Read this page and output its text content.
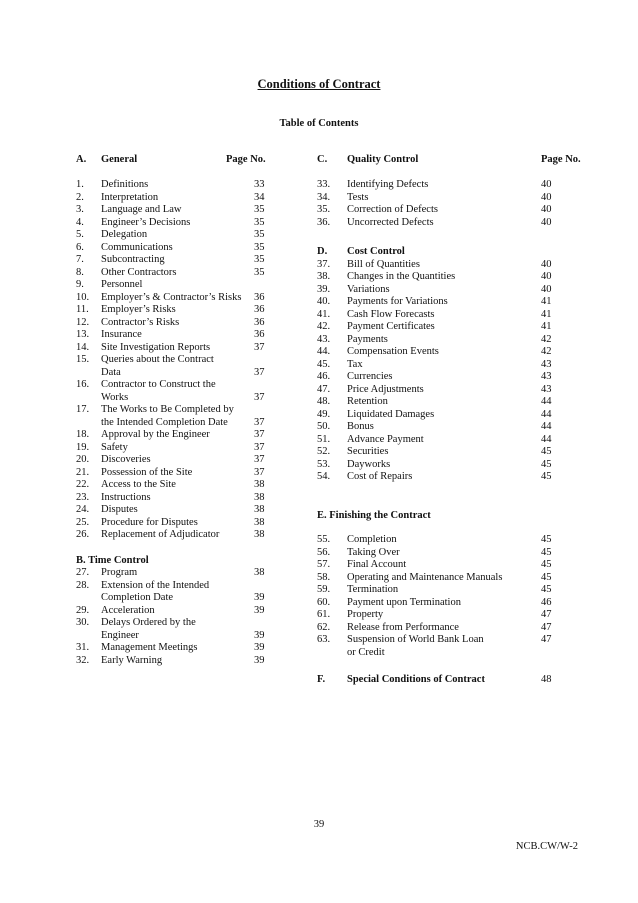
Conditions of Contract
Table of Contents
A.	General	Page No.
1.	Definitions	33
2.	Interpretation	34
3.	Language and Law	35
4.	Engineer’s Decisions	35
5.	Delegation	35
6.	Communications	35
7.	Subcontracting	35
8.	Other Contractors	35
9.	Personnel
10.	Employer’s & Contractor’s Risks	36
11.	Employer’s Risks	36
12.	Contractor’s Risks	36
13.	Insurance	36
14.	Site Investigation Reports	37
15.	Queries about the Contract
Data	37
16.	Contractor to Construct the
Works	37
17.	The Works to Be Completed by
the Intended Completion Date	37
18.	Approval by the Engineer	37
19.	Safety	37
20.	Discoveries	37
21.	Possession of the Site	37
22.	Access to the Site	38
23.	Instructions	38
24.	Disputes	38
25.	Procedure for Disputes	38
26.	Replacement of Adjudicator	38
B. Time Control
27.	Program	38
28.	Extension of the Intended
Completion Date	39
29.	Acceleration	39
30.	Delays Ordered by the
Engineer	39
31.	Management Meetings	39
32.	Early Warning	39
C.	Quality Control	Page No.
33.	Identifying Defects	40
34.	Tests	40
35.	Correction of Defects	40
36.	Uncorrected Defects	40
D.	Cost Control
37.	Bill of Quantities	40
38.	Changes in the Quantities	40
39.	Variations	40
40.	Payments for Variations	41
41.	Cash Flow Forecasts	41
42.	Payment Certificates	41
43.	Payments	42
44.	Compensation Events	42
45.	Tax	43
46.	Currencies	43
47.	Price Adjustments	43
48.	Retention	44
49.	Liquidated Damages	44
50.	Bonus	44
51.	Advance Payment	44
52.	Securities	45
53.	Dayworks	45
54.	Cost of Repairs	45
E. Finishing the Contract
55.	Completion	45
56.	Taking Over	45
57.	Final Account	45
58.	Operating and Maintenance Manuals	45
59.	Termination	45
60.	Payment upon Termination	46
61.	Property	47
62.	Release from Performance	47
63.	Suspension of World Bank Loan	47
or Credit
F.	Special Conditions of Contract	48
39
NCB.CW/W-2
